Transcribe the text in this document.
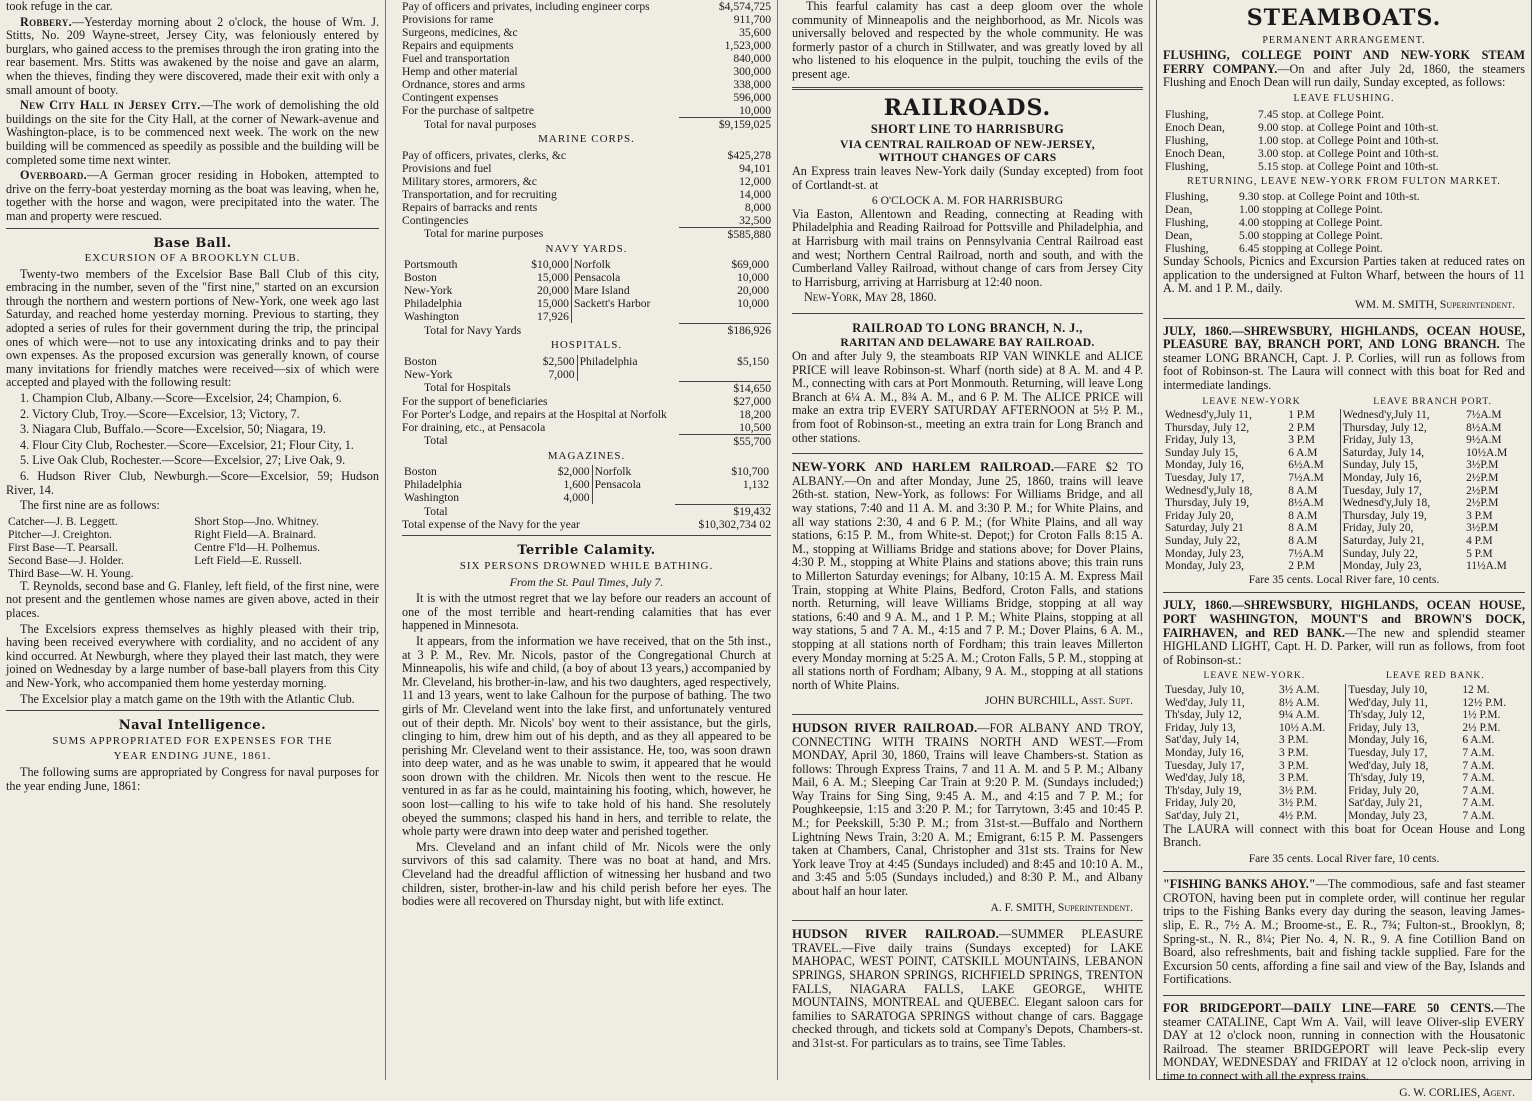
took refuge in the car.

Robbery.—Yesterday morning about 2 o'clock, the house of Wm. J. Stitts, No. 209 Wayne-street, Jersey City, was feloniously entered by burglars, who gained access to the premises through the iron grating into the rear basement. Mrs. Stitts was awakened by the noise and gave an alarm, when the thieves, finding they were discovered, made their exit with only a small amount of booty.

New City Hall in Jersey City.—The work of demolishing the old buildings on the site for the City Hall, at the corner of Newark-avenue and Washington-place, is to be commenced next week. The work on the new building will be commenced as speedily as possible and the building will be completed some time next winter.

Overboard.—A German grocer residing in Hoboken, attempted to drive on the ferry-boat yesterday morning as the boat was leaving, when he, together with the horse and wagon, were precipitated into the water. The man and property were rescued.

Base Ball.
EXCURSION OF A BROOKLYN CLUB.

Twenty-two members of the Excelsior Base Ball Club of this city, embracing in the number, seven of the "first nine," started on an excursion through the northern and western portions of New-York, one week ago last Saturday, and reached home yesterday morning. Previous to starting, they adopted a series of rules for their government during the trip, the principal ones of which were—not to use any intoxicating drinks and to pay their own expenses. As the proposed excursion was generally known, of course many invitations for friendly matches were received—six of which were accepted and played with the following result:

1. Champion Club, Albany.—Score—Excelsior, 24; Champion, 6.

2. Victory Club, Troy.—Score—Excelsior, 13; Victory, 7.

3. Niagara Club, Buffalo.—Score—Excelsior, 50; Niagara, 19.

4. Flour City Club, Rochester.—Score—Excelsior, 21; Flour City, 1.

5. Live Oak Club, Rochester.—Score—Excelsior, 27; Live Oak, 9.

6. Hudson River Club, Newburgh.—Score—Excelsior, 59; Hudson River, 14.

The first nine are as follows:

Catcher—J. B. Leggett.	Short Stop—Jno. Whitney.
Pitcher—J. Creighton.	Right Field—A. Brainard.
First Base—T. Pearsall.	Centre F'ld—H. Polhemus.
Second Base—J. Holder.	Left Field—E. Russell.
Third Base—W. H. Young.	

T. Reynolds, second base and G. Flanley, left field, of the first nine, were not present and the gentlemen whose names are given above, acted in their places.

The Excelsiors express themselves as highly pleased with their trip, having been received everywhere with cordiality, and no accident of any kind occurred. At Newburgh, where they played their last match, they were joined on Wednesday by a large number of base-ball players from this City and New-York, who accompanied them home yesterday morning.

The Excelsior play a match game on the 19th with the Atlantic Club.

Naval Intelligence.
SUMS APPROPRIATED FOR EXPENSES FOR THE
YEAR ENDING JUNE, 1861.

The following sums are appropriated by Congress for naval purposes for the year ending June, 1861:

Pay of officers and privates, including engineer corps	$4,574,725
Provisions for rame	911,700
Surgeons, medicines, &c	35,600
Repairs and equipments	1,523,000
Fuel and transportation	840,000
Hemp and other material	300,000
Ordnance, stores and arms	338,000
Contingent expenses	596,000
For the purchase of saltpetre	10,000
Total for naval purposes	$9,159,025
MARINE CORPS.
Pay of officers, privates, clerks, &c	$425,278
Provisions and fuel	94,101
Military stores, armorers, &c	12,000
Transportation, and for recruiting	14,000
Repairs of barracks and rents	8,000
Contingencies	32,500
Total for marine purposes	$585,880
NAVY YARDS.
Portsmouth	$10,000	Norfolk	$69,000
Boston	15,000	Pensacola	10,000
New-York	20,000	Mare Island	20,000
Philadelphia	15,000	Sackett's Harbor	10,000
Washington	17,926		
Total for Navy Yards	$186,926
HOSPITALS.
Boston	$2,500	Philadelphia	$5,150
New-York	7,000		
Total for Hospitals	$14,650
For the support of beneficiaries	$27,000
For Porter's Lodge, and repairs at the Hospital at Norfolk	18,200
For draining, etc., at Pensacola	10,500
Total	$55,700
MAGAZINES.
Boston	$2,000	Norfolk	$10,700
Philadelphia	1,600	Pensacola	1,132
Washington	4,000		
Total	$19,432
Total expense of the Navy for the year	$10,302,734 02
Terrible Calamity.
SIX PERSONS DROWNED WHILE BATHING.
From the St. Paul Times, July 7.

It is with the utmost regret that we lay before our readers an account of one of the most terrible and heart-rending calamities that has ever happened in Minnesota.

It appears, from the information we have received, that on the 5th inst., at 3 P. M., Rev. Mr. Nicols, pastor of the Congregational Church at Minneapolis, his wife and child, (a boy of about 13 years,) accompanied by Mr. Cleveland, his brother-in-law, and his two daughters, aged respectively, 11 and 13 years, went to lake Calhoun for the purpose of bathing. The two girls of Mr. Cleveland went into the lake first, and unfortunately ventured out of their depth. Mr. Nicols' boy went to their assistance, but the girls, clinging to him, drew him out of his depth, and as they all appeared to be perishing Mr. Cleveland went to their assistance. He, too, was soon drawn into deep water, and as he was unable to swim, it appeared that he would soon drown with the children. Mr. Nicols then went to the rescue. He ventured in as far as he could, maintaining his footing, which, however, he soon lost—calling to his wife to take hold of his hand. She resolutely obeyed the summons; clasped his hand in hers, and terrible to relate, the whole party were drawn into deep water and perished together.

Mrs. Cleveland and an infant child of Mr. Nicols were the only survivors of this sad calamity. There was no boat at hand, and Mrs. Cleveland had the dreadful affliction of witnessing her husband and two children, sister, brother-in-law and his child perish before her eyes. The bodies were all recovered on Thursday night, but with life extinct.

This fearful calamity has cast a deep gloom over the whole community of Minneapolis and the neighborhood, as Mr. Nicols was universally beloved and respected by the whole community. He was formerly pastor of a church in Stillwater, and was greatly loved by all who listened to his eloquence in the pulpit, touching the evils of the present age.

RAILROADS.
SHORT LINE TO HARRISBURG
VIA CENTRAL RAILROAD OF NEW-JERSEY,
WITHOUT CHANGES OF CARS

An Express train leaves New-York daily (Sunday excepted) from foot of Cortlandt-st. at

6 O'CLOCK A. M. FOR HARRISBURG

Via Easton, Allentown and Reading, connecting at Reading with Philadelphia and Reading Railroad for Pottsville and Philadelphia, and at Harrisburg with mail trains on Pennsylvania Central Railroad east and west; Northern Central Railroad, north and south, and with the Cumberland Valley Railroad, without change of cars from Jersey City to Harrisburg, arriving at Harrisburg at 12:40 noon.

New-York, May 28, 1860.

RAILROAD TO LONG BRANCH, N. J.,
RARITAN AND DELAWARE BAY RAILROAD.

On and after July 9, the steamboats RIP VAN WINKLE and ALICE PRICE will leave Robinson-st. Wharf (north side) at 8 A. M. and 4 P. M., connecting with cars at Port Monmouth. Returning, will leave Long Branch at 6¼ A. M., 8¾ A. M., and 6 P. M. The ALICE PRICE will make an extra trip EVERY SATURDAY AFTERNOON at 5½ P. M., from foot of Robinson-st., meeting an extra train for Long Branch and other stations.

NEW-YORK AND HARLEM RAILROAD.—FARE $2 TO ALBANY.—On and after Monday, June 25, 1860, trains will leave 26th-st. station, New-York, as follows: For Williams Bridge, and all way stations, 7:40 and 11 A. M. and 3:30 P. M.; for White Plains, and all way stations 2:30, 4 and 6 P. M.; (for White Plains, and all way stations, 6:15 P. M., from White-st. Depot;) for Croton Falls 8:15 A. M., stopping at Williams Bridge and stations above; for Dover Plains, 4:30 P. M., stopping at White Plains and stations above; this train runs to Millerton Saturday evenings; for Albany, 10:15 A. M. Express Mail Train, stopping at White Plains, Bedford, Croton Falls, and stations north. Returning, will leave Williams Bridge, stopping at all way stations, 6:40 and 9 A. M., and 1 P. M.; White Plains, stopping at all way stations, 5 and 7 A. M., 4:15 and 7 P. M.; Dover Plains, 6 A. M., stopping at all stations north of Fordham; this train leaves Millerton every Monday morning at 5:25 A. M.; Croton Falls, 5 P. M., stopping at all stations north of Fordham; Albany, 9 A. M., stopping at all stations north of White Plains.

JOHN BURCHILL, Asst. Supt.

HUDSON RIVER RAILROAD.—FOR ALBANY AND TROY, CONNECTING WITH TRAINS NORTH AND WEST.—From MONDAY, April 30, 1860, Trains will leave Chambers-st. Station as follows: Through Express Trains, 7 and 11 A. M. and 5 P. M.; Albany Mail, 6 A. M.; Sleeping Car Train at 9:20 P. M. (Sundays included;) Way Trains for Sing Sing, 9:45 A. M., and 4:15 and 7 P. M.; for Poughkeepsie, 1:15 and 3:20 P. M.; for Tarrytown, 3:45 and 10:45 P. M.; for Peekskill, 5:30 P. M.; from 31st-st.—Buffalo and Northern Lightning News Train, 3:20 A. M.; Emigrant, 6:15 P. M. Passengers taken at Chambers, Canal, Christopher and 31st sts. Trains for New York leave Troy at 4:45 (Sundays included) and 8:45 and 10:10 A. M., and 3:45 and 5:05 (Sundays included,) and 8:30 P. M., and Albany about half an hour later.

A. F. SMITH, Superintendent.

HUDSON RIVER RAILROAD.—SUMMER PLEASURE TRAVEL.—Five daily trains (Sundays excepted) for LAKE MAHOPAC, WEST POINT, CATSKILL MOUNTAINS, LEBANON SPRINGS, SHARON SPRINGS, RICHFIELD SPRINGS, TRENTON FALLS, NIAGARA FALLS, LAKE GEORGE, WHITE MOUNTAINS, MONTREAL and QUEBEC. Elegant saloon cars for families to SARATOGA SPRINGS without change of cars. Baggage checked through, and tickets sold at Company's Depots, Chambers-st. and 31st-st. For particulars as to trains, see Time Tables.

STEAMBOATS.
PERMANENT ARRANGEMENT.

FLUSHING, COLLEGE POINT AND NEW-YORK STEAM FERRY COMPANY.—On and after July 2d, 1860, the steamers Flushing and Enoch Dean will run daily, Sunday excepted, as follows:

LEAVE FLUSHING.
Flushing,	7.45 stop. at College Point.
Enoch Dean,	9.00 stop. at College Point and 10th-st.
Flushing,	1.00 stop. at College Point and 10th-st.
Enoch Dean,	3.00 stop. at College Point and 10th-st.
Flushing,	5.15 stop. at College Point and 10th-st.
RETURNING, LEAVE NEW-YORK FROM FULTON MARKET.
Flushing,	9.30 stop. at College Point and 10th-st.
Dean,	1.00 stopping at College Point.
Flushing,	4.00 stopping at College Point.
Dean,	5.00 stopping at College Point.
Flushing,	6.45 stopping at College Point.

Sunday Schools, Picnics and Excursion Parties taken at reduced rates on application to the undersigned at Fulton Wharf, between the hours of 11 A. M. and 1 P. M., daily.

WM. M. SMITH, Superintendent.

JULY, 1860.—SHREWSBURY, HIGHLANDS, OCEAN HOUSE, PLEASURE BAY, BRANCH PORT, AND LONG BRANCH. The steamer LONG BRANCH, Capt. J. P. Corlies, will run as follows from foot of Robinson-st. The Laura will connect with this boat for Red and intermediate landings.

LEAVE NEW-YORK		LEAVE BRANCH PORT.	
Wednesd'y,July 11,	1 P.M	Wednesd'y,July 11,	7½A.M
Thursday, July 12,	2 P.M	Thursday, July 12,	8½A.M
Friday, July 13,	3 P.M	Friday, July 13,	9½A.M
Sunday July 15,	6 A.M	Saturday, July 14,	10½A.M
Monday, July 16,	6½A.M	Sunday, July 15,	3½P.M
Tuesday, July 17,	7½A.M	Monday, July 16,	2½P.M
Wednesd'y,July 18,	8 A.M	Tuesday, July 17,	2½P.M
Thursday, July 19,	8½A.M	Wednesd'y,July 18,	2½P.M
Friday July 20,	8 A.M	Thursday, July 19,	3 P.M
Saturday, July 21	8 A.M	Friday, July 20,	3½P.M
Sunday, July 22,	8 A.M	Saturday, July 21,	4 P.M
Monday, July 23,	7½A.M	Sunday, July 22,	5 P.M
Monday, July 23,	2 P.M	Monday, July 23,	11½A.M
Fare 35 cents. Local River fare, 10 cents.

JULY, 1860.—SHREWSBURY, HIGHLANDS, OCEAN HOUSE, PORT WASHINGTON, MOUNT'S and BROWN'S DOCK, FAIRHAVEN, and RED BANK.—The new and splendid steamer HIGHLAND LIGHT, Capt. H. D. Parker, will run as follows, from foot of Robinson-st.:

LEAVE NEW-YORK.		LEAVE RED BANK.	
Tuesday, July 10,	3½ A.M.	Tuesday, July 10,	12 M.
Wed'day, July 11,	8½ A.M.	Wed'day, July 11,	12½ P.M.
Th'sday, July 12,	9¼ A.M.	Th'sday, July 12,	1½ P.M.
Friday, July 13,	10½ A.M.	Friday, July 13,	2½ P.M.
Sat'day, July 14,	3 P.M.	Monday, July 16,	6 A.M.
Monday, July 16,	3 P.M.	Tuesday, July 17,	7 A.M.
Tuesday, July 17,	3 P.M.	Wed'day, July 18,	7 A.M.
Wed'day, July 18,	3 P.M.	Th'sday, July 19,	7 A.M.
Th'sday, July 19,	3½ P.M.	Friday, July 20,	7 A.M.
Friday, July 20,	3½ P.M.	Sat'day, July 21,	7 A.M.
Sat'day, July 21,	4½ P.M.	Monday, July 23,	7 A.M.

The LAURA will connect with this boat for Ocean House and Long Branch.

Fare 35 cents. Local River fare, 10 cents.

"FISHING BANKS AHOY."—The commodious, safe and fast steamer CROTON, having been put in complete order, will continue her regular trips to the Fishing Banks every day during the season, leaving James-slip, E. R., 7½ A. M.; Broome-st., E. R., 7¾; Fulton-st., Brooklyn, 8; Spring-st., N. R., 8¼; Pier No. 4, N. R., 9. A fine Cotillion Band on Board, also refreshments, bait and fishing tackle supplied. Fare for the Excursion 50 cents, affording a fine sail and view of the Bay, Islands and Fortifications.

FOR BRIDGEPORT—DAILY LINE—FARE 50 CENTS.—The steamer CATALINE, Capt Wm A. Vail, will leave Oliver-slip EVERY DAY at 12 o'clock noon, running in connection with the Housatonic Railroad. The steamer BRIDGEPORT will leave Peck-slip every MONDAY, WEDNESDAY and FRIDAY at 12 o'clock noon, arriving in time to connect with all the express trains.

G. W. CORLIES, Agent.
